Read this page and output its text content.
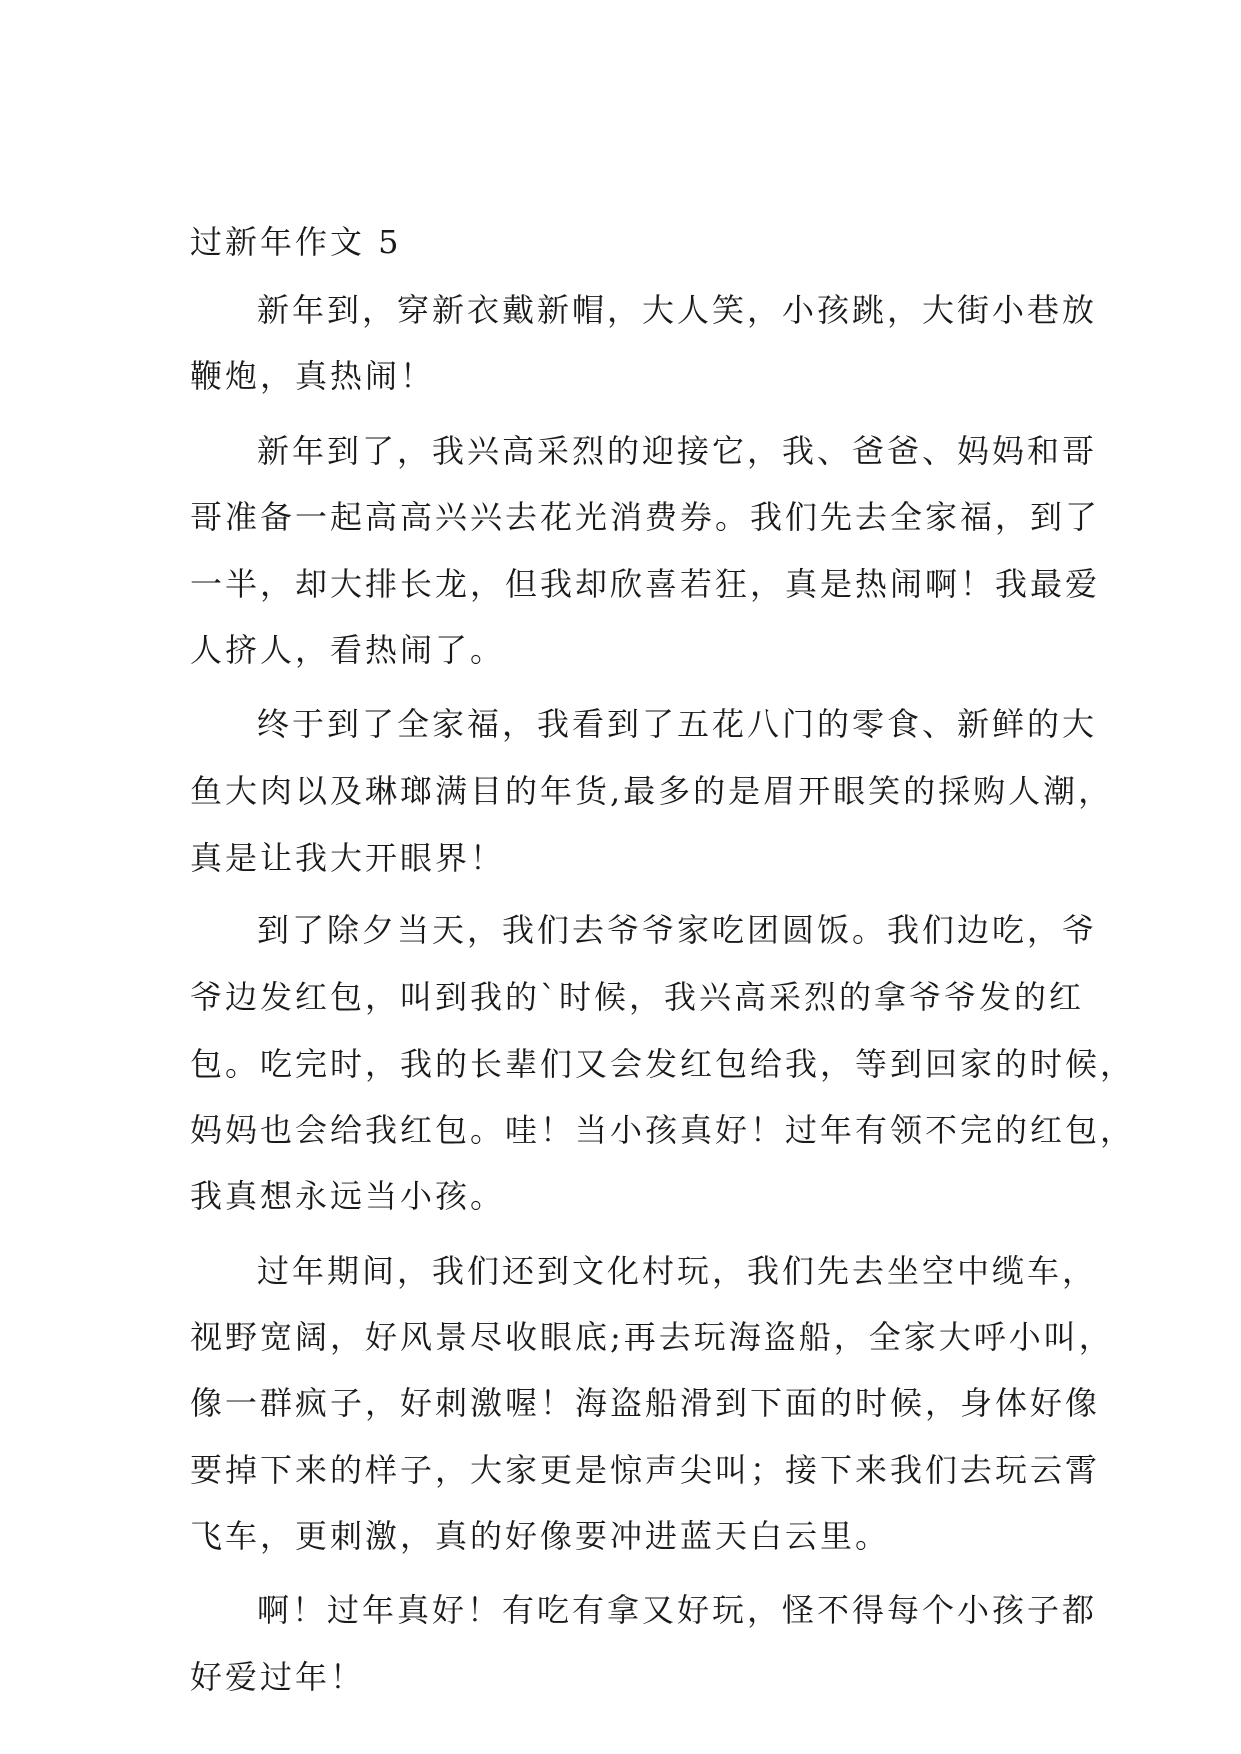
过新年作文 5

新年到，穿新衣戴新帽，大人笑，小孩跳，大街小巷放

鞭炮，真热闹！

新年到了，我兴高采烈的迎接它，我、爸爸、妈妈和哥

哥准备一起高高兴兴去花光消费券。我们先去全家福，到了

一半，却大排长龙，但我却欣喜若狂，真是热闹啊！我最爱

人挤人，看热闹了。

终于到了全家福，我看到了五花八门的零食、新鲜的大

鱼大肉以及琳瑯满目的年货,最多的是眉开眼笑的採购人潮，

真是让我大开眼界！

到了除夕当天，我们去爷爷家吃团圆饭。我们边吃，爷

爷边发红包，叫到我的`时候，我兴高采烈的拿爷爷发的红

包。吃完时，我的长辈们又会发红包给我，等到回家的时候，

妈妈也会给我红包。哇！当小孩真好！过年有领不完的红包，

我真想永远当小孩。

过年期间，我们还到文化村玩，我们先去坐空中缆车，

视野宽阔，好风景尽收眼底;再去玩海盗船，全家大呼小叫，

像一群疯子，好刺激喔！海盗船滑到下面的时候，身体好像

要掉下来的样子，大家更是惊声尖叫；接下来我们去玩云霄

飞车，更刺激，真的好像要冲进蓝天白云里。

啊！过年真好！有吃有拿又好玩，怪不得每个小孩子都

好爱过年！
